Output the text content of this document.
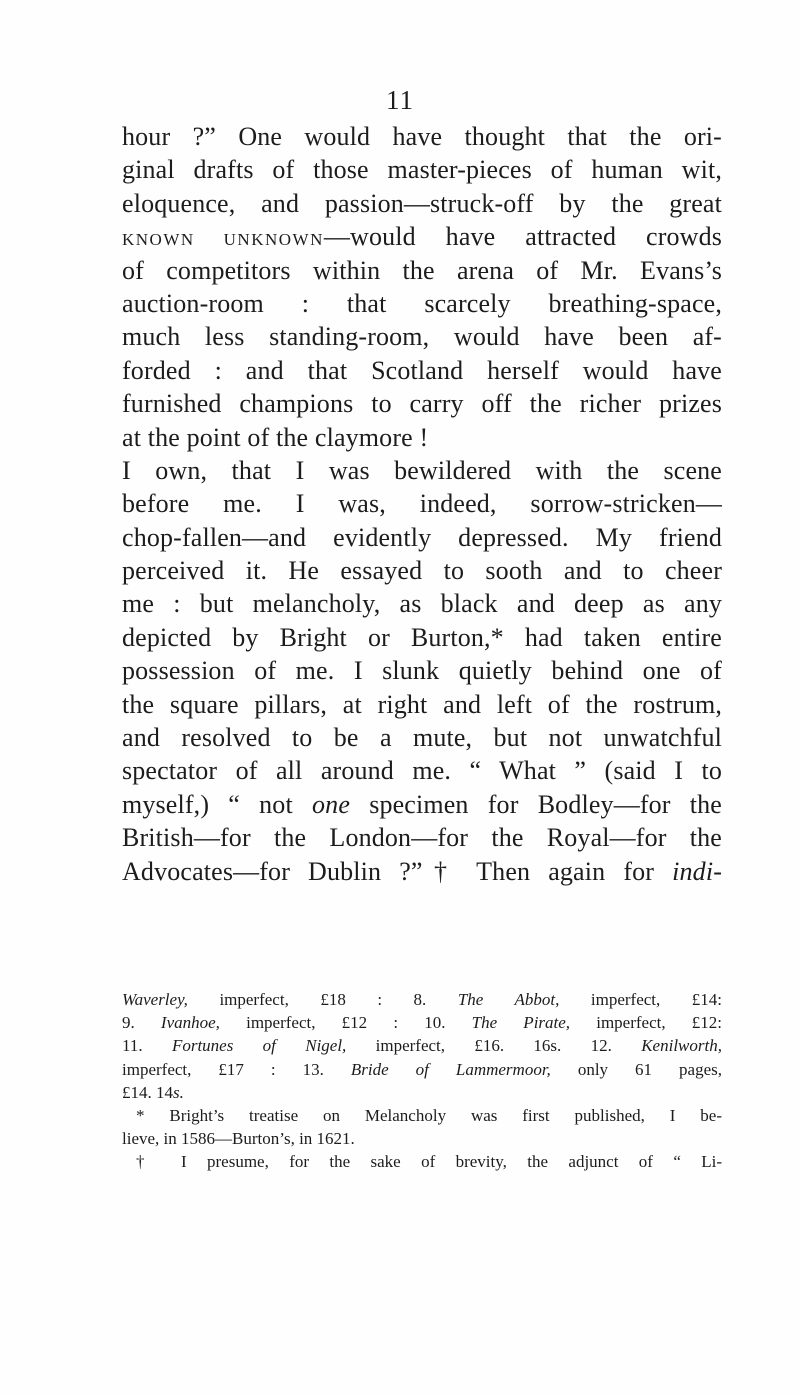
11
hour ?” One would have thought that the ori-
ginal drafts of those master-pieces of human wit,
eloquence, and passion—struck-off by the great
KNOWN UNKNOWN—would have attracted crowds
of competitors within the arena of Mr. Evans’s
auction-room : that scarcely breathing-space,
much less standing-room, would have been af-
forded : and that Scotland herself would have
furnished champions to carry off the richer prizes
at the point of the claymore !
I own, that I was bewildered with the scene
before me. I was, indeed, sorrow-stricken—
chop-fallen—and evidently depressed. My friend
perceived it. He essayed to sooth and to cheer
me : but melancholy, as black and deep as any
depicted by Bright or Burton,* had taken entire
possession of me. I slunk quietly behind one of
the square pillars, at right and left of the rostrum,
and resolved to be a mute, but not unwatchful
spectator of all around me. “ What ” (said I to
myself,) “ not one specimen for Bodley—for the
British—for the London—for the Royal—for the
Advocates—for Dublin ?”† Then again for indi-
Waverley, imperfect, £18 : 8. The Abbot, imperfect, £14:
9. Ivanhoe, imperfect, £12 : 10. The Pirate, imperfect, £12:
11. Fortunes of Nigel, imperfect, £16. 16s. 12. Kenilworth,
imperfect, £17 : 13. Bride of Lammermoor, only 61 pages,
£14. 14s.
* Bright’s treatise on Melancholy was first published, I be-
lieve, in 1586—Burton’s, in 1621.
† I presume, for the sake of brevity, the adjunct of “ Li-
